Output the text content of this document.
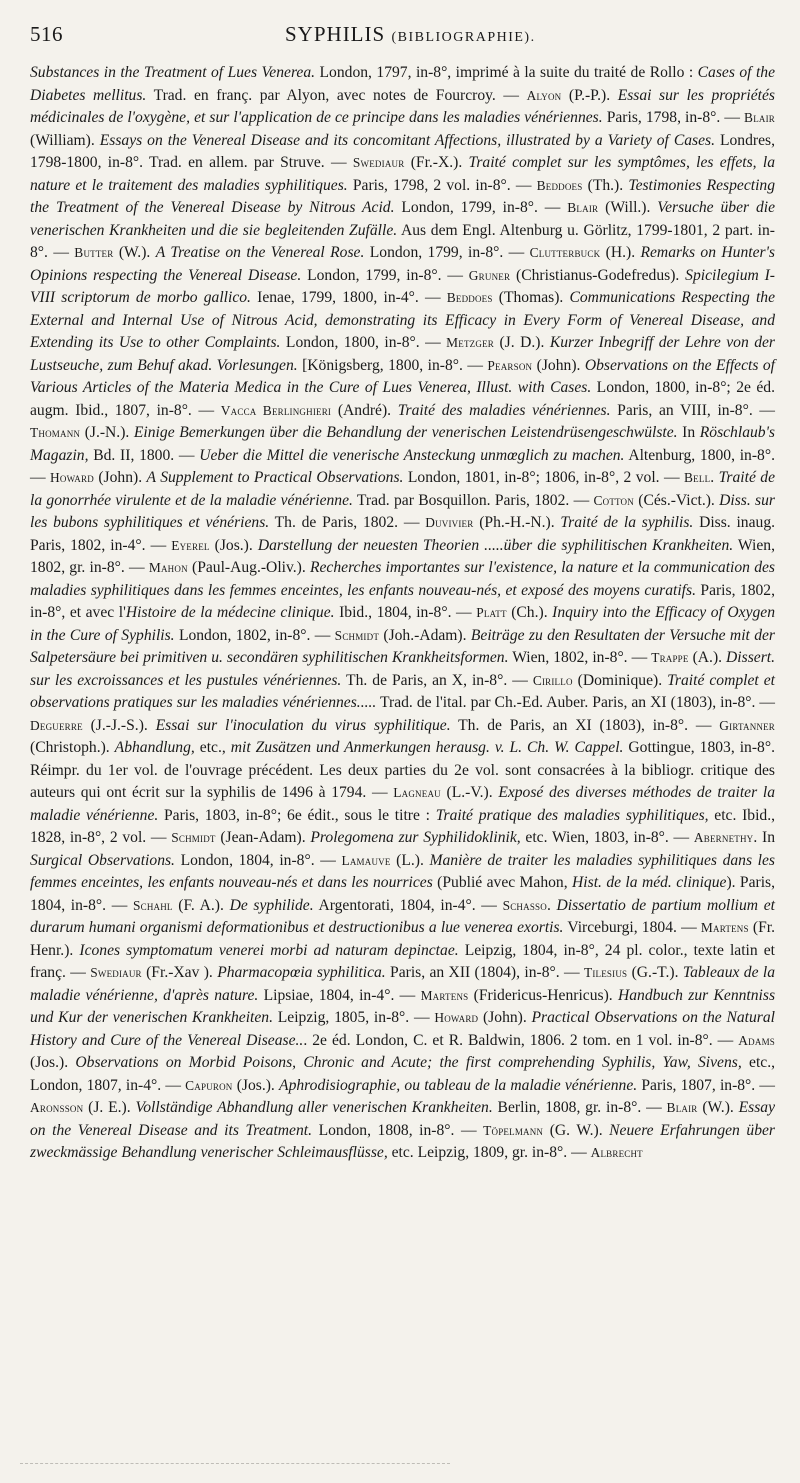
516	SYPHILIS (BIBLIOGRAPHIE).

Substances in the Treatment of Lues Venerea. London, 1797, in-8°, imprimé à la suite du traité de Rollo : Cases of the Diabetes mellitus. Trad. en franç. par Alyon, avec notes de Fourcroy. — Alyon (P.-P.). Essai sur les propriétés médicinales de l'oxygène, et sur l'application de ce principe dans les maladies vénériennes. Paris, 1798, in-8°. — Blair (William). Essays on the Venereal Disease and its concomitant Affections, illustrated by a Variety of Cases. Londres, 1798-1800, in-8°. Trad. en allem. par Struve. — Swediaur (Fr.-X.). Traité complet sur les symptômes, les effets, la nature et le traitement des maladies syphilitiques. Paris, 1798, 2 vol. in-8°. — Beddoes (Th.). Testimonies Respecting the Treatment of the Venereal Disease by Nitrous Acid. London, 1799, in-8°. — Blair (Will.). Versuche über die venerischen Krankheiten und die sie begleitenden Zufälle. Aus dem Engl. Altenburg u. Görlitz, 1799-1801, 2 part. in-8°. — Butter (W.). A Treatise on the Venereal Rose. London, 1799, in-8°. — Clutterbuck (H.). Remarks on Hunter's Opinions respecting the Venereal Disease. London, 1799, in-8°. — Gruner (Christianus-Godefredus). Spicilegium I-VIII scriptorum de morbo gallico. Ienae, 1799, 1800, in-4°. — Beddoes (Thomas). Communications Respecting the External and Internal Use of Nitrous Acid, demonstrating its Efficacy in Every Form of Venereal Disease, and Extending its Use to other Complaints. London, 1800, in-8°. — Metzger (J. D.). Kurzer Inbegriff der Lehre von der Lustseuche, zum Behuf akad. Vorlesungen. [Königsberg, 1800, in-8°. — Pearson (John). Observations on the Effects of Various Articles of the Materia Medica in the Cure of Lues Venerea, Illust. with Cases. London, 1800, in-8°; 2e éd. augm. Ibid., 1807, in-8°. — Vacca Berlinghieri (André). Traité des maladies vénériennes. Paris, an VIII, in-8°. — Thomann (J.-N.). Einige Bemerkungen über die Behandlung der venerischen Leistendrüsengeschwülste. In Röschlaub's Magazin, Bd. II, 1800. — Ueber die Mittel die venerische Ansteckung unmœglich zu machen. Altenburg, 1800, in-8°. — Howard (John). A Supplement to Practical Observations. London, 1801, in-8°; 1806, in-8°, 2 vol. — Bell. Traité de la gonorrhée virulente et de la maladie vénérienne. Trad. par Bosquillon. Paris, 1802. — Cotton (Cés.-Vict.). Diss. sur les bubons syphilitiques et vénériens. Th. de Paris, 1802. — Duvivier (Ph.-H.-N.). Traité de la syphilis. Diss. inaug. Paris, 1802, in-4°. — Eyerel (Jos.). Darstellung der neuesten Theorien .....über die syphilitischen Krankheiten. Wien, 1802, gr. in-8°. — Mahon (Paul-Aug.-Oliv.). Recherches importantes sur l'existence, la nature et la communication des maladies syphilitiques dans les femmes enceintes, les enfants nouveau-nés, et exposé des moyens curatifs. Paris, 1802, in-8°, et avec l'Histoire de la médecine clinique. Ibid., 1804, in-8°. — Platt (Ch.). Inquiry into the Efficacy of Oxygen in the Cure of Syphilis. London, 1802, in-8°. — Schmidt (Joh.-Adam). Beiträge zu den Resultaten der Versuche mit der Salpetersäure bei primitiven u. secondären syphilitischen Krankheitsformen. Wien, 1802, in-8°. — Trappe (A.). Dissert. sur les excroissances et les pustules vénériennes. Th. de Paris, an X, in-8°. — Cirillo (Dominique). Traité complet et observations pratiques sur les maladies vénériennes..... Trad. de l'ital. par Ch.-Ed. Auber. Paris, an XI (1803), in-8°. — Deguerre (J.-J.-S.). Essai sur l'inoculation du virus syphilitique. Th. de Paris, an XI (1803), in-8°. — Girtanner (Christoph.). Abhandlung, etc., mit Zusätzen und Anmerkungen herausg. v. L. Ch. W. Cappel. Gottingue, 1803, in-8°. Réimpr. du 1er vol. de l'ouvrage précédent. Les deux parties du 2e vol. sont consacrées à la bibliogr. critique des auteurs qui ont écrit sur la syphilis de 1496 à 1794. — Lagneau (L.-V.). Exposé des diverses méthodes de traiter la maladie vénérienne. Paris, 1803, in-8°; 6e édit., sous le titre : Traité pratique des maladies syphilitiques, etc. Ibid., 1828, in-8°, 2 vol. — Schmidt (Jean-Adam). Prolegomena zur Syphilidoklinik, etc. Wien, 1803, in-8°. — Abernethy. In Surgical Observations. London, 1804, in-8°. — Lamauve (L.). Manière de traiter les maladies syphilitiques dans les femmes enceintes, les enfants nouveau-nés et dans les nourrices (Publié avec Mahon, Hist. de la méd. clinique). Paris, 1804, in-8°. — Schahl (F. A.). De syphilide. Argentorati, 1804, in-4°. — Schasso. Dissertatio de partium mollium et durarum humani organismi deformationibus et destructionibus a lue venerea exortis. Virceburgi, 1804. — Martens (Fr. Henr.). Icones symptomatum venerei morbi ad naturam depinctae. Leipzig, 1804, in-8°, 24 pl. color., texte latin et franç. — Swediaur (Fr.-Xav ). Pharmacopœia syphilitica. Paris, an XII (1804), in-8°. — Tilesius (G.-T.). Tableaux de la maladie vénérienne, d'après nature. Lipsiae, 1804, in-4°. — Martens (Fridericus-Henricus). Handbuch zur Kenntniss und Kur der venerischen Krankheiten. Leipzig, 1805, in-8°. — Howard (John). Practical Observations on the Natural History and Cure of the Venereal Disease... 2e éd. London, C. et R. Baldwin, 1806. 2 tom. en 1 vol. in-8°. — Adams (Jos.). Observations on Morbid Poisons, Chronic and Acute; the first comprehending Syphilis, Yaw, Sivens, etc., London, 1807, in-4°. — Capuron (Jos.). Aphrodisiographie, ou tableau de la maladie vénérienne. Paris, 1807, in-8°. — Aronsson (J. E.). Vollständige Abhandlung aller venerischen Krankheiten. Berlin, 1808, gr. in-8°. — Blair (W.). Essay on the Venereal Disease and its Treatment. London, 1808, in-8°. — Töpelmann (G. W.). Neuere Erfahrungen über zweckmässige Behandlung venerischer Schleimausflüsse, etc. Leipzig, 1809, gr. in-8°. — Albrecht
